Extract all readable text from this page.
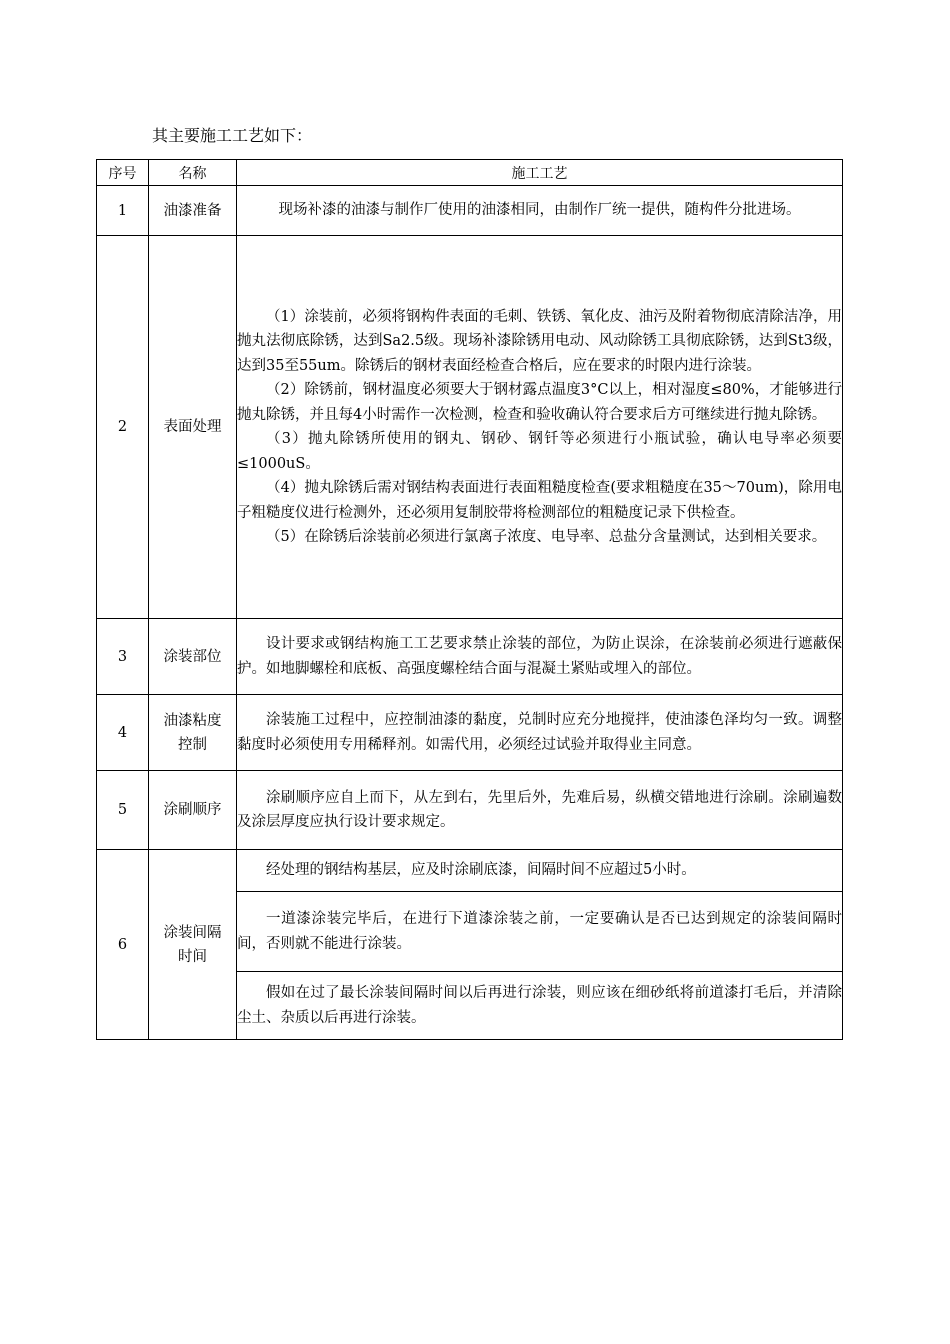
其主要施工工艺如下：
序号	名称	施工工艺
1	油漆准备	现场补漆的油漆与制作厂使用的油漆相同，由制作厂统一提供，随构件分批进场。

2	表面处理	（1）涂装前，必须将钢构件表面的毛刺、铁锈、氧化皮、油污及附着物彻底清除洁净，用抛丸法彻底除锈，达到Sa2.5级。现场补漆除锈用电动、风动除锈工具彻底除锈，达到St3级，达到35至55um。除锈后的钢材表面经检查合格后，应在要求的时限内进行涂装。

（2）除锈前，钢材温度必须要大于钢材露点温度3°C以上，相对湿度≤80%，才能够进行抛丸除锈，并且每4小时需作一次检测，检查和验收确认符合要求后方可继续进行抛丸除锈。

（3）抛丸除锈所使用的钢丸、钢砂、钢钎等必须进行小瓶试验，确认电导率必须要≤1000uS。

（4）抛丸除锈后需对钢结构表面进行表面粗糙度检查(要求粗糙度在35～70um)，除用电子粗糙度仪进行检测外，还必须用复制胶带将检测部位的粗糙度记录下供检查。

（5）在除锈后涂装前必须进行氯离子浓度、电导率、总盐分含量测试，达到相关要求。

3	涂装部位	设计要求或钢结构施工工艺要求禁止涂装的部位，为防止误涂，在涂装前必须进行遮蔽保护。如地脚螺栓和底板、高强度螺栓结合面与混凝土紧贴或埋入的部位。

4	油漆粘度
控制	涂装施工过程中，应控制油漆的黏度，兑制时应充分地搅拌，使油漆色泽均匀一致。调整黏度时必须使用专用稀释剂。如需代用，必须经过试验并取得业主同意。

5	涂刷顺序	涂刷顺序应自上而下，从左到右，先里后外，先难后易，纵横交错地进行涂刷。涂刷遍数及涂层厚度应执行设计要求规定。

6	涂装间隔
时间	经处理的钢结构基层，应及时涂刷底漆，间隔时间不应超过5小时。

		一道漆涂装完毕后，在进行下道漆涂装之前，一定要确认是否已达到规定的涂装间隔时间，否则就不能进行涂装。

		假如在过了最长涂装间隔时间以后再进行涂装，则应该在细砂纸将前道漆打毛后，并清除尘土、杂质以后再进行涂装。
